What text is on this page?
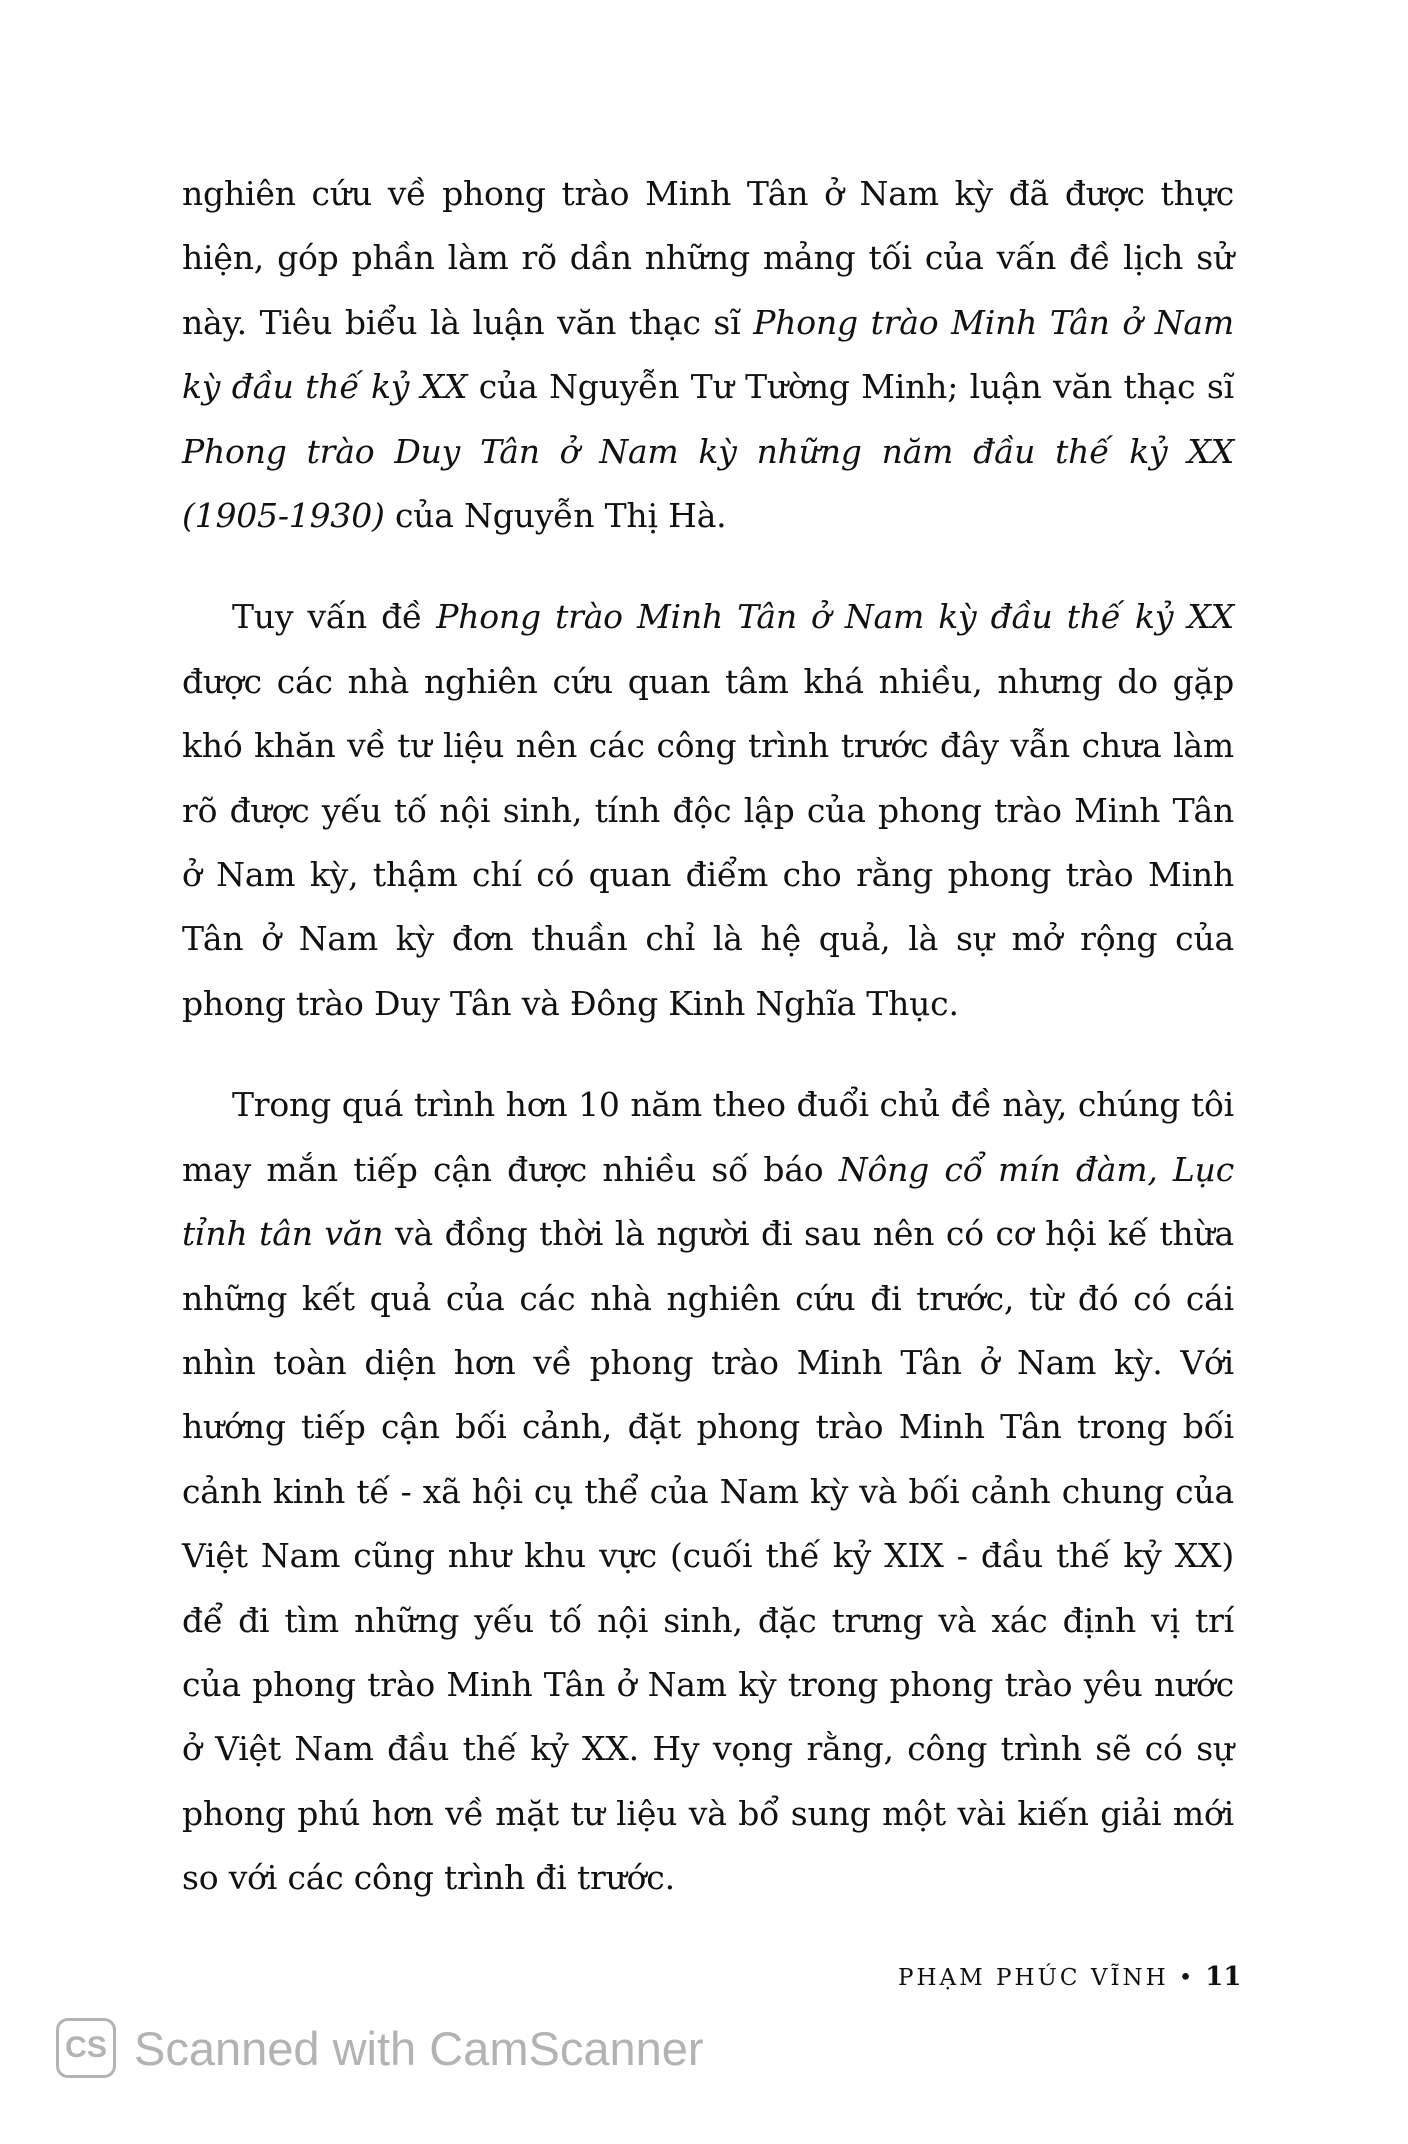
nghiên cứu về phong trào Minh Tân ở Nam kỳ đã được thực hiện, góp phần làm rõ dần những mảng tối của vấn đề lịch sử này. Tiêu biểu là luận văn thạc sĩ Phong trào Minh Tân ở Nam kỳ đầu thế kỷ XX của Nguyễn Tư Tường Minh; luận văn thạc sĩ Phong trào Duy Tân ở Nam kỳ những năm đầu thế kỷ XX (1905-1930) của Nguyễn Thị Hà.

Tuy vấn đề Phong trào Minh Tân ở Nam kỳ đầu thế kỷ XX được các nhà nghiên cứu quan tâm khá nhiều, nhưng do gặp khó khăn về tư liệu nên các công trình trước đây vẫn chưa làm rõ được yếu tố nội sinh, tính độc lập của phong trào Minh Tân ở Nam kỳ, thậm chí có quan điểm cho rằng phong trào Minh Tân ở Nam kỳ đơn thuần chỉ là hệ quả, là sự mở rộng của phong trào Duy Tân và Đông Kinh Nghĩa Thục.

Trong quá trình hơn 10 năm theo đuổi chủ đề này, chúng tôi may mắn tiếp cận được nhiều số báo Nông cổ mín đàm, Lục tỉnh tân văn và đồng thời là người đi sau nên có cơ hội kế thừa những kết quả của các nhà nghiên cứu đi trước, từ đó có cái nhìn toàn diện hơn về phong trào Minh Tân ở Nam kỳ. Với hướng tiếp cận bối cảnh, đặt phong trào Minh Tân trong bối cảnh kinh tế - xã hội cụ thể của Nam kỳ và bối cảnh chung của Việt Nam cũng như khu vực (cuối thế kỷ XIX - đầu thế kỷ XX) để đi tìm những yếu tố nội sinh, đặc trưng và xác định vị trí của phong trào Minh Tân ở Nam kỳ trong phong trào yêu nước ở Việt Nam đầu thế kỷ XX. Hy vọng rằng, công trình sẽ có sự phong phú hơn về mặt tư liệu và bổ sung một vài kiến giải mới so với các công trình đi trước.

PHẠM PHÚC VĨNH • 11
CS Scanned with CamScanner
